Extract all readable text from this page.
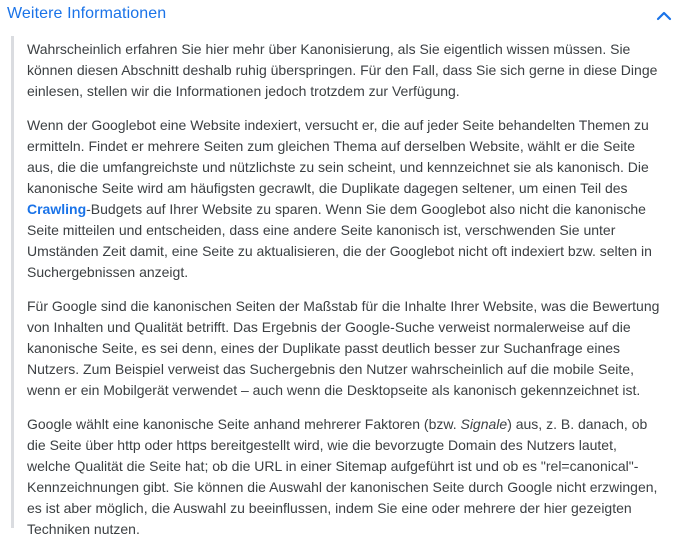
Weitere Informationen

Wahrscheinlich erfahren Sie hier mehr über Kanonisierung, als Sie eigentlich wissen müssen. Sie können diesen Abschnitt deshalb ruhig überspringen. Für den Fall, dass Sie sich gerne in diese Dinge einlesen, stellen wir die Informationen jedoch trotzdem zur Verfügung.

Wenn der Googlebot eine Website indexiert, versucht er, die auf jeder Seite behandelten Themen zu ermitteln. Findet er mehrere Seiten zum gleichen Thema auf derselben Website, wählt er die Seite aus, die die umfangreichste und nützlichste zu sein scheint, und kennzeichnet sie als kanonisch. Die kanonische Seite wird am häufigsten gecrawlt, die Duplikate dagegen seltener, um einen Teil des Crawling-Budgets auf Ihrer Website zu sparen. Wenn Sie dem Googlebot also nicht die kanonische Seite mitteilen und entscheiden, dass eine andere Seite kanonisch ist, verschwenden Sie unter Umständen Zeit damit, eine Seite zu aktualisieren, die der Googlebot nicht oft indexiert bzw. selten in Suchergebnissen anzeigt.

Für Google sind die kanonischen Seiten der Maßstab für die Inhalte Ihrer Website, was die Bewertung von Inhalten und Qualität betrifft. Das Ergebnis der Google-Suche verweist normalerweise auf die kanonische Seite, es sei denn, eines der Duplikate passt deutlich besser zur Suchanfrage eines Nutzers. Zum Beispiel verweist das Suchergebnis den Nutzer wahrscheinlich auf die mobile Seite, wenn er ein Mobilgerät verwendet – auch wenn die Desktopseite als kanonisch gekennzeichnet ist.

Google wählt eine kanonische Seite anhand mehrerer Faktoren (bzw. Signale) aus, z. B. danach, ob die Seite über http oder https bereitgestellt wird, wie die bevorzugte Domain des Nutzers lautet, welche Qualität die Seite hat; ob die URL in einer Sitemap aufgeführt ist und ob es "rel=canonical"-Kennzeichnungen gibt. Sie können die Auswahl der kanonischen Seite durch Google nicht erzwingen, es ist aber möglich, die Auswahl zu beeinflussen, indem Sie eine oder mehrere der hier gezeigten Techniken nutzen.
